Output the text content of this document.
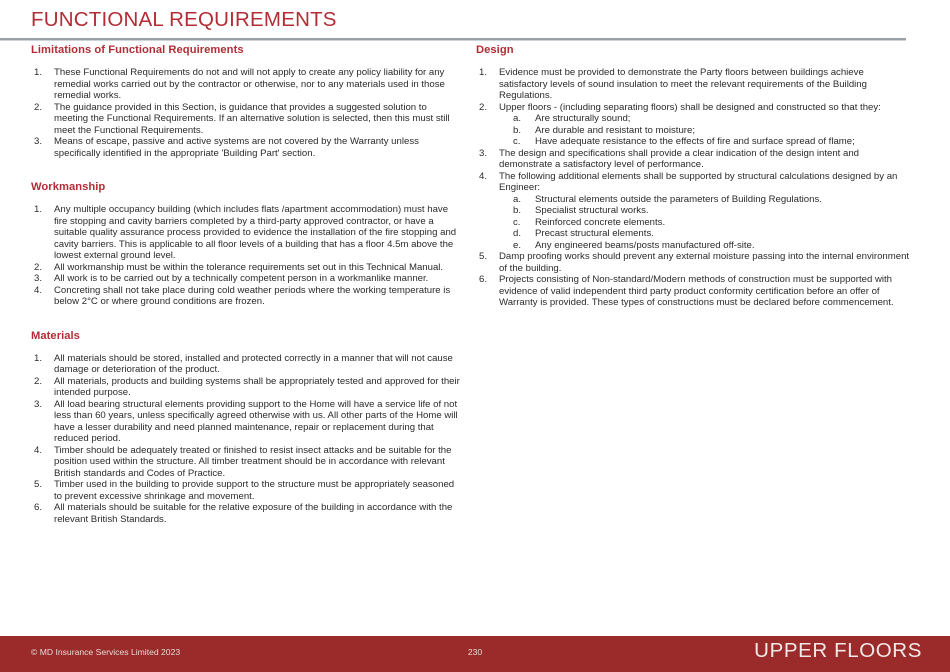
FUNCTIONAL REQUIREMENTS
Limitations of Functional Requirements
1.	These Functional Requirements do not and will not apply to create any policy liability for any remedial works carried out by the contractor or otherwise, nor to any materials used in those remedial works.
2.	The guidance provided in this Section, is guidance that provides a suggested solution to meeting the Functional Requirements. If an alternative solution is selected, then this must still meet the Functional Requirements.
3.	Means of escape, passive and active systems are not covered by the Warranty unless specifically identified in the appropriate 'Building Part' section.
Workmanship
1.	Any multiple occupancy building (which includes flats /apartment accommodation) must have fire stopping and cavity barriers completed by a third-party approved contractor, or have a suitable quality assurance process provided to evidence the installation of the fire stopping and cavity barriers. This is applicable to all floor levels of a building that has a floor 4.5m above the lowest external ground level.
2.	All workmanship must be within the tolerance requirements set out in this Technical Manual.
3.	All work is to be carried out by a technically competent person in a workmanlike manner.
4.	Concreting shall not take place during cold weather periods where the working temperature is below 2°C or where ground conditions are frozen.
Materials
1.	All materials should be stored, installed and protected correctly in a manner that will not cause damage or deterioration of the product.
2.	All materials, products and building systems shall be appropriately tested and approved for their intended purpose.
3.	All load bearing structural elements providing support to the Home will have a service life of not less than 60 years, unless specifically agreed otherwise with us. All other parts of the Home will have a lesser durability and need planned maintenance, repair or replacement during that reduced period.
4.	Timber should be adequately treated or finished to resist insect attacks and be suitable for the position used within the structure. All timber treatment should be in accordance with relevant British standards and Codes of Practice.
5.	Timber used in the building to provide support to the structure must be appropriately seasoned to prevent excessive shrinkage and movement.
6.	All materials should be suitable for the relative exposure of the building in accordance with the relevant British Standards.
Design
1.	Evidence must be provided to demonstrate the Party floors between buildings achieve satisfactory levels of sound insulation to meet the relevant requirements of the Building Regulations.
2.	Upper floors - (including separating floors) shall be designed and constructed so that they:
a.	Are structurally sound;
b.	Are durable and resistant to moisture;
c.	Have adequate resistance to the effects of fire and surface spread of flame;
3.	The design and specifications shall provide a clear indication of the design intent and demonstrate a satisfactory level of performance.
4.	The following additional elements shall be supported by structural calculations designed by an Engineer:
a.	Structural elements outside the parameters of Building Regulations.
b.	Specialist structural works.
c.	Reinforced concrete elements.
d.	Precast structural elements.
e.	Any engineered beams/posts manufactured off-site.
5.	Damp proofing works should prevent any external moisture passing into the internal environment of the building.
6.	Projects consisting of Non-standard/Modern methods of construction must be supported with evidence of valid independent third party product conformity certification before an offer of Warranty is provided. These types of constructions must be declared before commencement.
© MD Insurance Services Limited 2023	230	UPPER FLOORS
